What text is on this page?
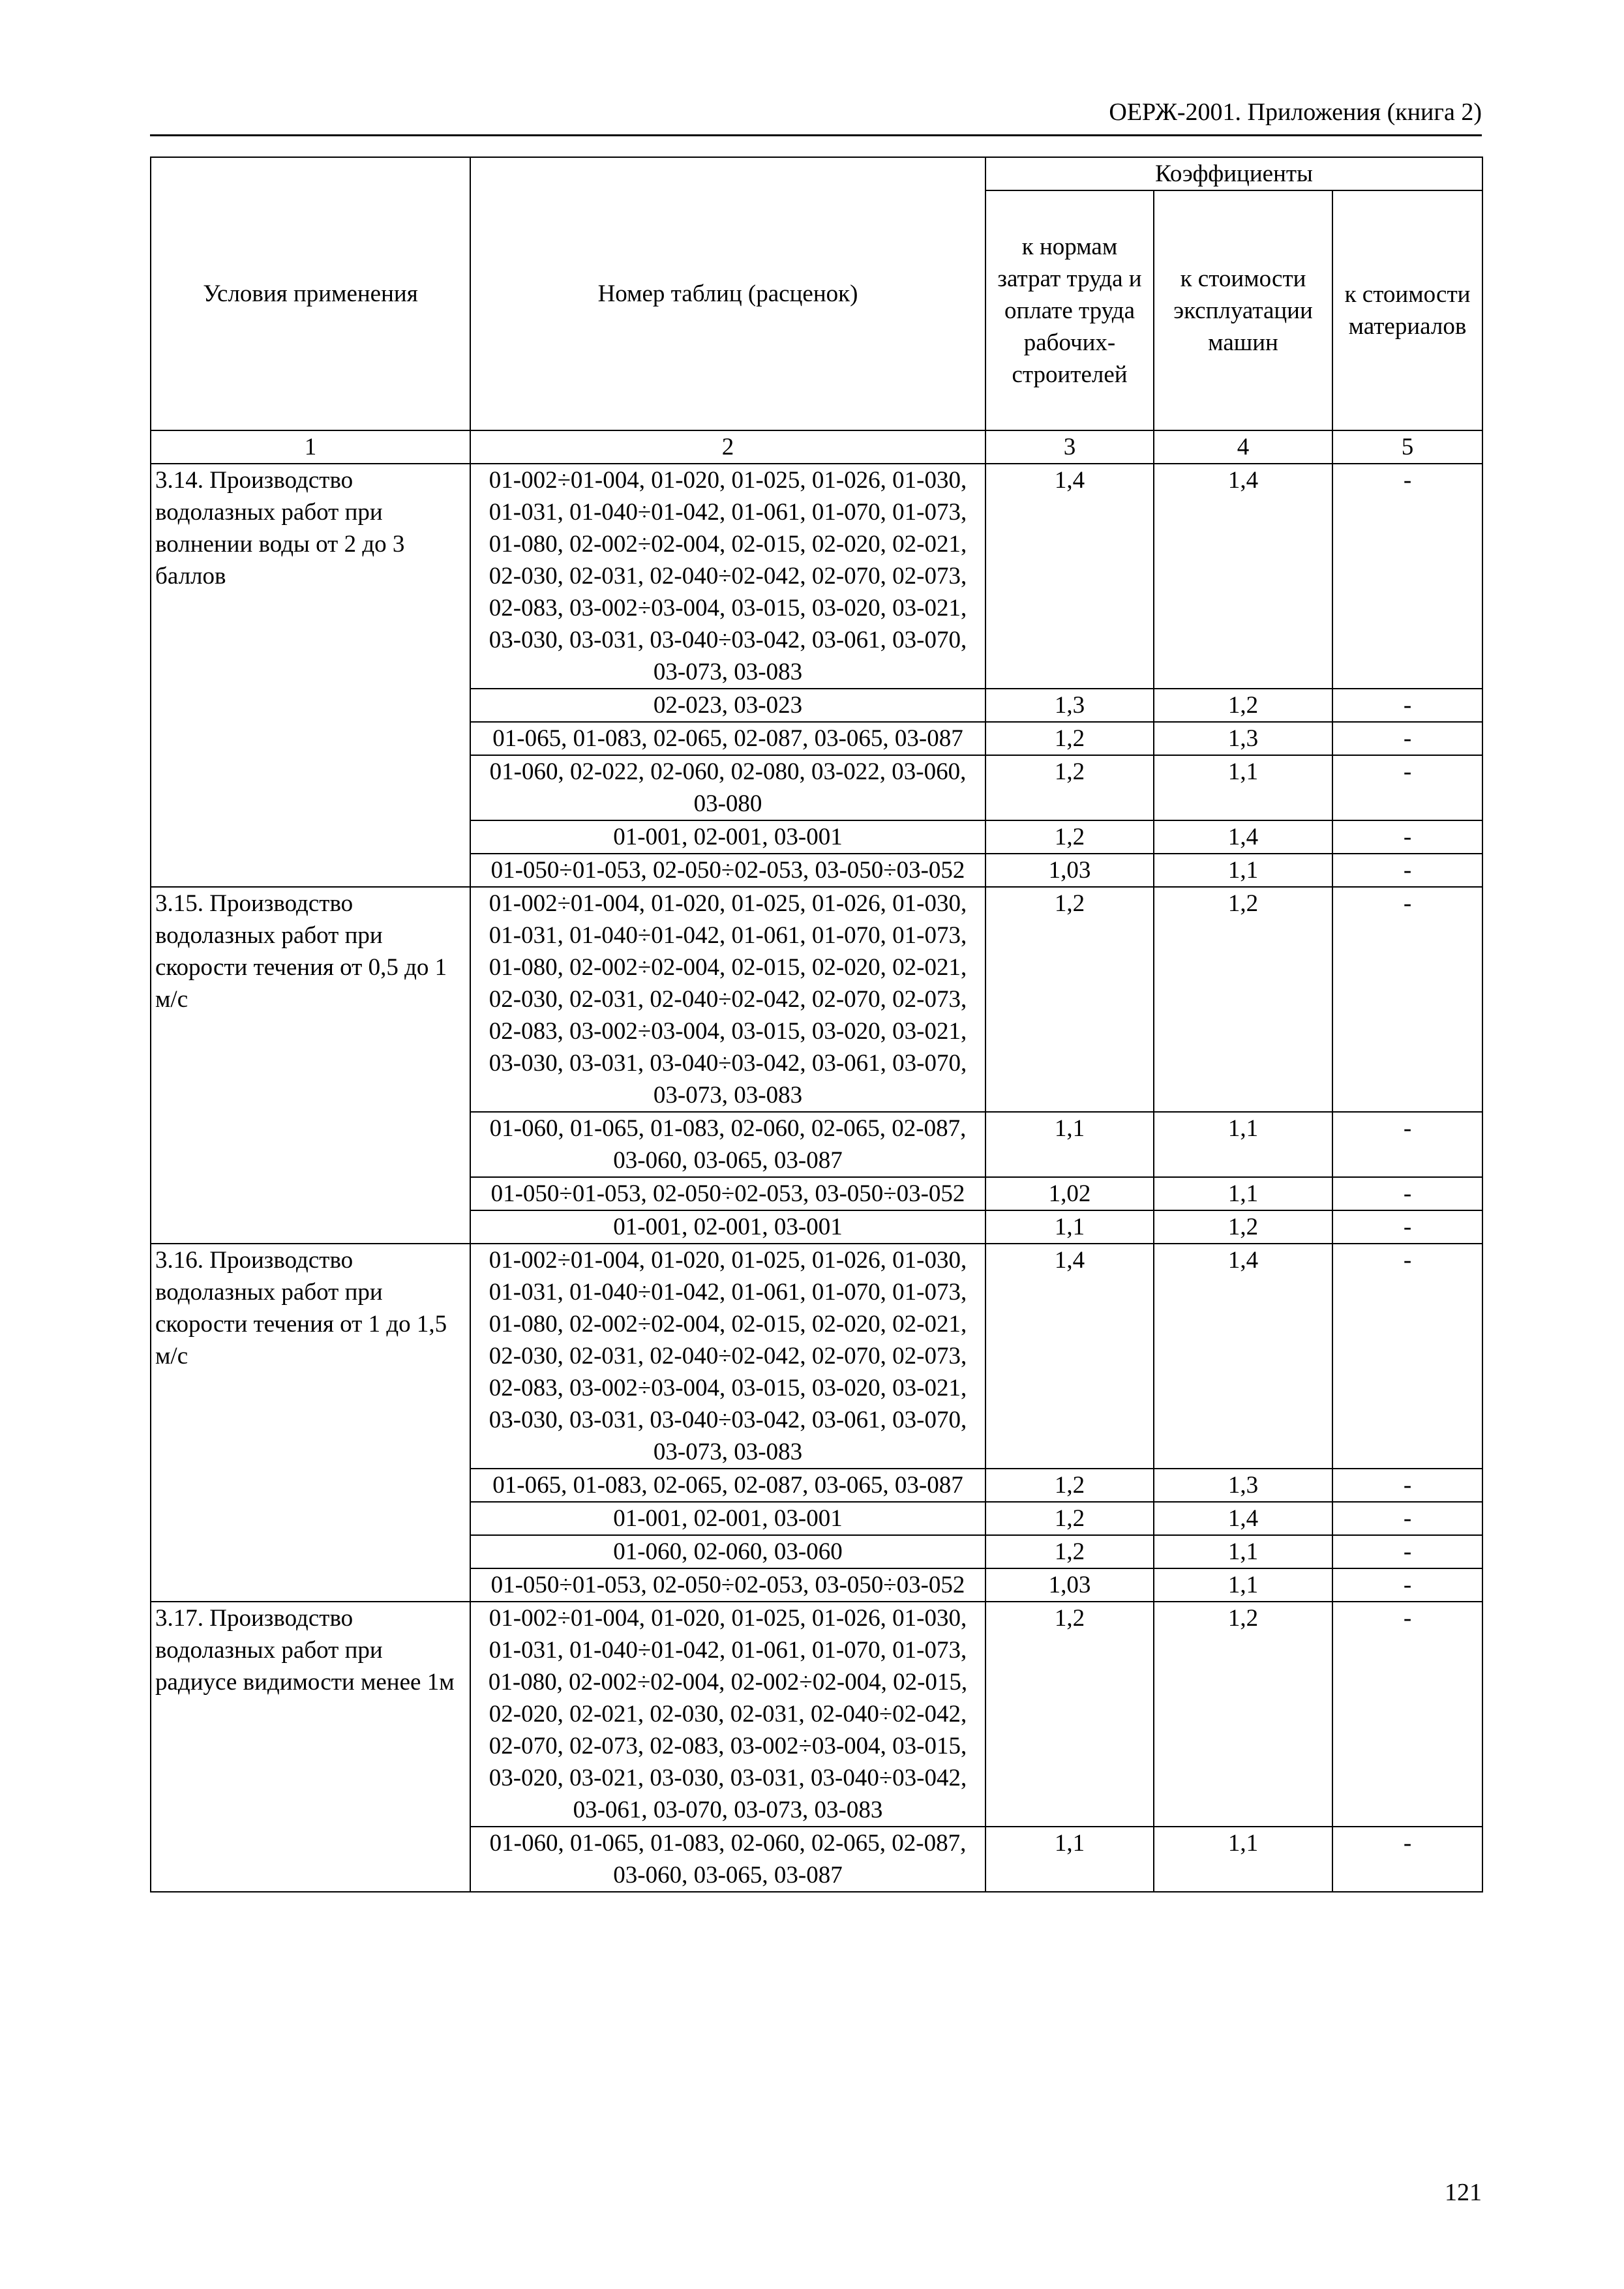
ОЕРЖ-2001. Приложения (книга 2)
Условия применения	Номер таблиц (расценок)	Коэффициенты		
		к нормам затрат труда и оплате труда рабочих-строителей	к стоимости эксплуатации машин	к стоимости материалов
1	2	3	4	5
3.14. Производство водолазных работ при волнении воды от 2 до 3 баллов	01-002÷01-004, 01-020, 01-025, 01-026, 01-030, 01-031, 01-040÷01-042, 01-061, 01-070, 01-073, 01-080, 02-002÷02-004, 02-015, 02-020, 02-021, 02-030, 02-031, 02-040÷02-042, 02-070, 02-073, 02-083, 03-002÷03-004, 03-015, 03-020, 03-021, 03-030, 03-031, 03-040÷03-042, 03-061, 03-070, 03-073, 03-083	1,4	1,4	-
	02-023, 03-023	1,3	1,2	-
	01-065, 01-083, 02-065, 02-087, 03-065, 03-087	1,2	1,3	-
	01-060, 02-022, 02-060, 02-080, 03-022, 03-060, 03-080	1,2	1,1	-
	01-001, 02-001, 03-001	1,2	1,4	-
	01-050÷01-053, 02-050÷02-053, 03-050÷03-052	1,03	1,1	-
3.15. Производство водолазных работ при скорости течения от 0,5 до 1 м/с	01-002÷01-004, 01-020, 01-025, 01-026, 01-030, 01-031, 01-040÷01-042, 01-061, 01-070, 01-073, 01-080, 02-002÷02-004, 02-015, 02-020, 02-021, 02-030, 02-031, 02-040÷02-042, 02-070, 02-073, 02-083, 03-002÷03-004, 03-015, 03-020, 03-021, 03-030, 03-031, 03-040÷03-042, 03-061, 03-070, 03-073, 03-083	1,2	1,2	-
	01-060, 01-065, 01-083, 02-060, 02-065, 02-087, 03-060, 03-065, 03-087	1,1	1,1	-
	01-050÷01-053, 02-050÷02-053, 03-050÷03-052	1,02	1,1	-
	01-001, 02-001, 03-001	1,1	1,2	-
3.16. Производство водолазных работ при скорости течения от 1 до 1,5 м/с	01-002÷01-004, 01-020, 01-025, 01-026, 01-030, 01-031, 01-040÷01-042, 01-061, 01-070, 01-073, 01-080, 02-002÷02-004, 02-015, 02-020, 02-021, 02-030, 02-031, 02-040÷02-042, 02-070, 02-073, 02-083, 03-002÷03-004, 03-015, 03-020, 03-021, 03-030, 03-031, 03-040÷03-042, 03-061, 03-070, 03-073, 03-083	1,4	1,4	-
	01-065, 01-083, 02-065, 02-087, 03-065, 03-087	1,2	1,3	-
	01-001, 02-001, 03-001	1,2	1,4	-
	01-060, 02-060, 03-060	1,2	1,1	-
	01-050÷01-053, 02-050÷02-053, 03-050÷03-052	1,03	1,1	-
3.17. Производство водолазных работ при радиусе видимости менее 1м	01-002÷01-004, 01-020, 01-025, 01-026, 01-030, 01-031, 01-040÷01-042, 01-061, 01-070, 01-073, 01-080, 02-002÷02-004, 02-002÷02-004, 02-015, 02-020, 02-021, 02-030, 02-031, 02-040÷02-042, 02-070, 02-073, 02-083, 03-002÷03-004, 03-015, 03-020, 03-021, 03-030, 03-031, 03-040÷03-042, 03-061, 03-070, 03-073, 03-083	1,2	1,2	-
	01-060, 01-065, 01-083, 02-060, 02-065, 02-087, 03-060, 03-065, 03-087	1,1	1,1	-
121
